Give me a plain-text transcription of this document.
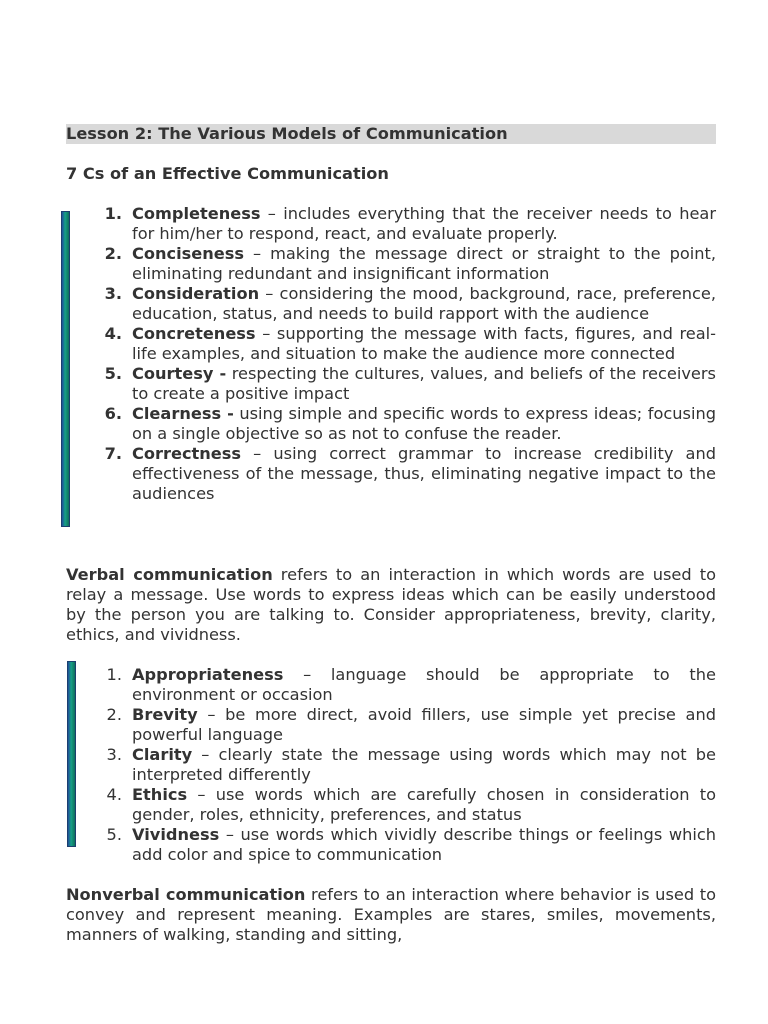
Lesson 2: The Various Models of Communication
7 Cs of an Effective Communication
1. Completeness – includes everything that the receiver needs to hear for him/her to respond, react, and evaluate properly.
2. Conciseness – making the message direct or straight to the point, eliminating redundant and insignificant information
3. Consideration – considering the mood, background, race, preference, education, status, and needs to build rapport with the audience
4. Concreteness – supporting the message with facts, figures, and real-life examples, and situation to make the audience more connected
5. Courtesy - respecting the cultures, values, and beliefs of the receivers to create a positive impact
6. Clearness - using simple and specific words to express ideas; focusing on a single objective so as not to confuse the reader.
7. Correctness – using correct grammar to increase credibility and effectiveness of the message, thus, eliminating negative impact to the audiences

Verbal communication refers to an interaction in which words are used to relay a message. Use words to express ideas which can be easily understood by the person you are talking to. Consider appropriateness, brevity, clarity, ethics, and vividness.

1. Appropriateness – language should be appropriate to the environment or occasion
2. Brevity – be more direct, avoid fillers, use simple yet precise and powerful language
3. Clarity – clearly state the message using words which may not be interpreted differently
4. Ethics – use words which are carefully chosen in consideration to gender, roles, ethnicity, preferences, and status
5. Vividness – use words which vividly describe things or feelings which add color and spice to communication

Nonverbal communication refers to an interaction where behavior is used to convey and represent meaning. Examples are stares, smiles, movements, manners of walking, standing and sitting,
